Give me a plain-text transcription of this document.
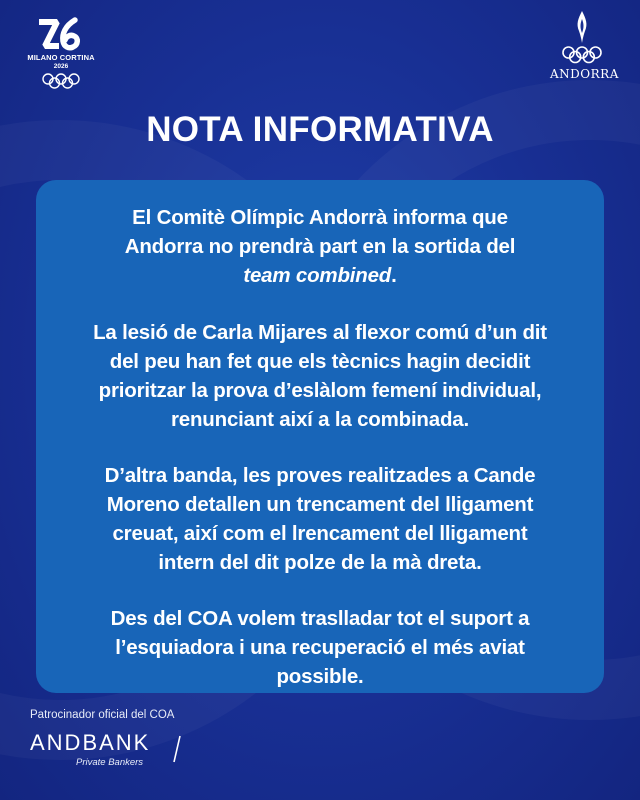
MILANO CORTINA
2026
ANDORRA
NOTA INFORMATIVA

El Comitè Olímpic Andorrà informa que
Andorra no prendrà part en la sortida del
team combined.

La lesió de Carla Mijares al flexor comú d’un dit
del peu han fet que els tècnics hagin decidit
prioritzar la prova d’eslàlom femení individual,
renunciant així a la combinada.

D’altra banda, les proves realitzades a Cande
Moreno detallen un trencament del lligament
creuat, així com el lrencament del lligament
intern del dit polze de la mà dreta.

Des del COA volem traslladar tot el suport a
l’esquiadora i una recuperació el més aviat
possible.

Patrocinador oficial del COA
ANDBANK
Private Bankers
